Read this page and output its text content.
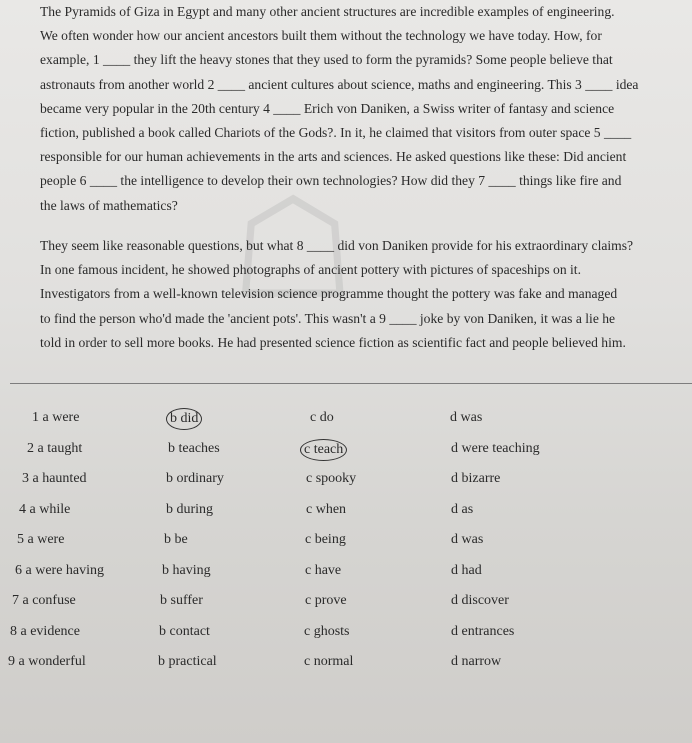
☖

The Pyramids of Giza in Egypt and many other ancient structures are incredible examples of engineering.

We often wonder how our ancient ancestors built them without the technology we have today. How, for

example, 1 ____ they lift the heavy stones that they used to form the pyramids? Some people believe that

astronauts from another world 2 ____ ancient cultures about science, maths and engineering. This 3 ____ idea

became very popular in the 20th century 4 ____ Erich von Daniken, a Swiss writer of fantasy and science

fiction, published a book called Chariots of the Gods?. In it, he claimed that visitors from outer space 5 ____

responsible for our human achievements in the arts and sciences. He asked questions like these: Did ancient

people 6 ____ the intelligence to develop their own technologies? How did they 7 ____ things like fire and

the laws of mathematics?

They seem like reasonable questions, but what 8 ____ did von Daniken provide for his extraordinary claims?

In one famous incident, he showed photographs of ancient pottery with pictures of spaceships on it.

Investigators from a well-known television science programme thought the pottery was fake and managed

to find the person who'd made the 'ancient pots'. This wasn't a 9 ____ joke by von Daniken, it was a lie he

told in order to sell more books. He had presented science fiction as scientific fact and people believed him.

1 a were	b did	c do	d was
2 a taught	b teaches	c teach	d were teaching
3 a haunted	b ordinary	c spooky	d bizarre
4 a while	b during	c when	d as
5 a were	b be	c being	d was
6 a were having	b having	c have	d had
7 a confuse	b suffer	c prove	d discover
8 a evidence	b contact	c ghosts	d entrances
9 a wonderful	b practical	c normal	d narrow
